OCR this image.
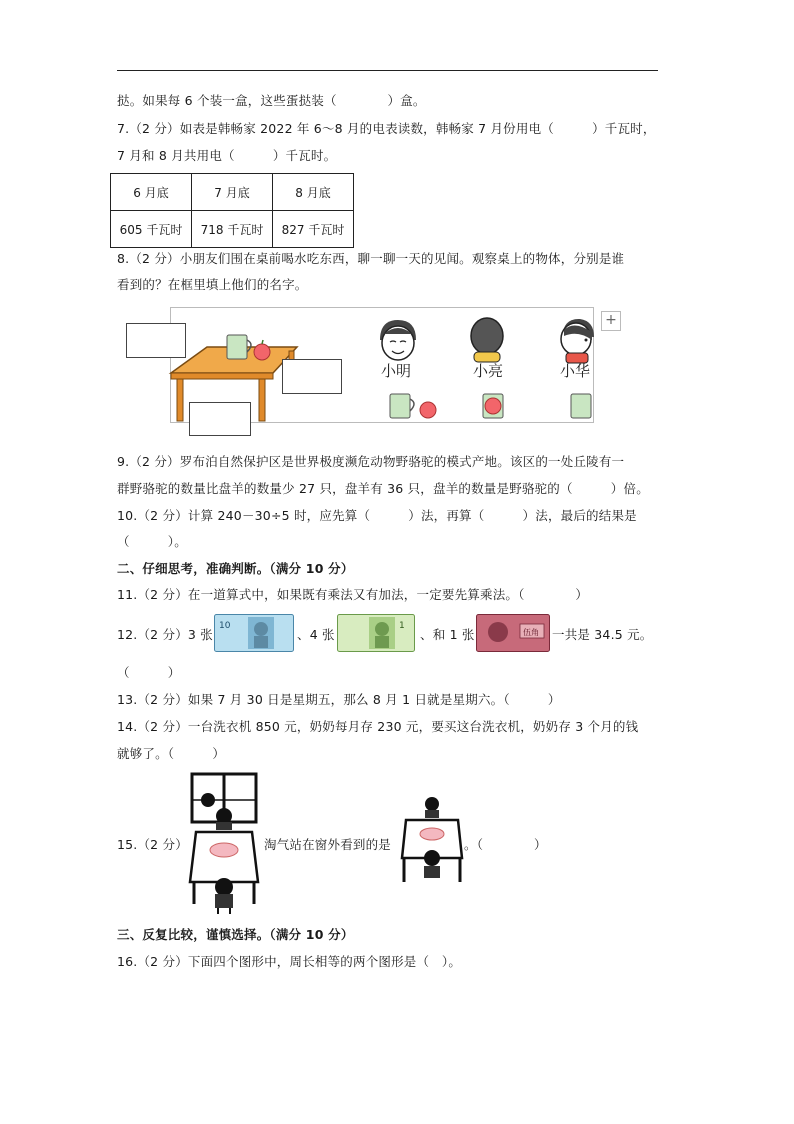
挞。如果每 6 个装一盒，这些蛋挞装（　　　　）盒。
7.（2 分）如表是韩畅家 2022 年 6～8 月的电表读数，韩畅家 7 月份用电（　　　）千瓦时，
7 月和 8 月共用电（　　　）千瓦时。
6 月底	7 月底	8 月底
605 千瓦时	718 千瓦时	827 千瓦时
8.（2 分）小朋友们围在桌前喝水吃东西，聊一聊一天的见闻。观察桌上的物体，分别是谁
看到的？在框里填上他们的名字。
+
小明	小亮	小华
9.（2 分）罗布泊自然保护区是世界极度濒危动物野骆驼的模式产地。该区的一处丘陵有一
群野骆驼的数量比盘羊的数量少 27 只，盘羊有 36 只，盘羊的数量是野骆驼的（　　　）倍。
10.（2 分）计算 240－30÷5 时，应先算（　　　）法，再算（　　　）法，最后的结果是
（　　　）。
二、仔细思考，准确判断。（满分 10 分）
11.（2 分）在一道算式中，如果既有乘法又有加法，一定要先算乘法。（　　　　）
12.（2 分）3 张
10
、4 张
1
、和 1 张	伍角 一共是 34.5 元。
（　　　）
13.（2 分）如果 7 月 30 日是星期五，那么 8 月 1 日就是星期六。（　　　）
14.（2 分）一台洗衣机 850 元，奶奶每月存 230 元，要买这台洗衣机，奶奶存 3 个月的钱
就够了。（　　　）
15.（2 分）	淘气站在窗外看到的是	。（　　　　）
三、反复比较，谨慎选择。（满分 10 分）
16.（2 分）下面四个图形中，周长相等的两个图形是（　）。
